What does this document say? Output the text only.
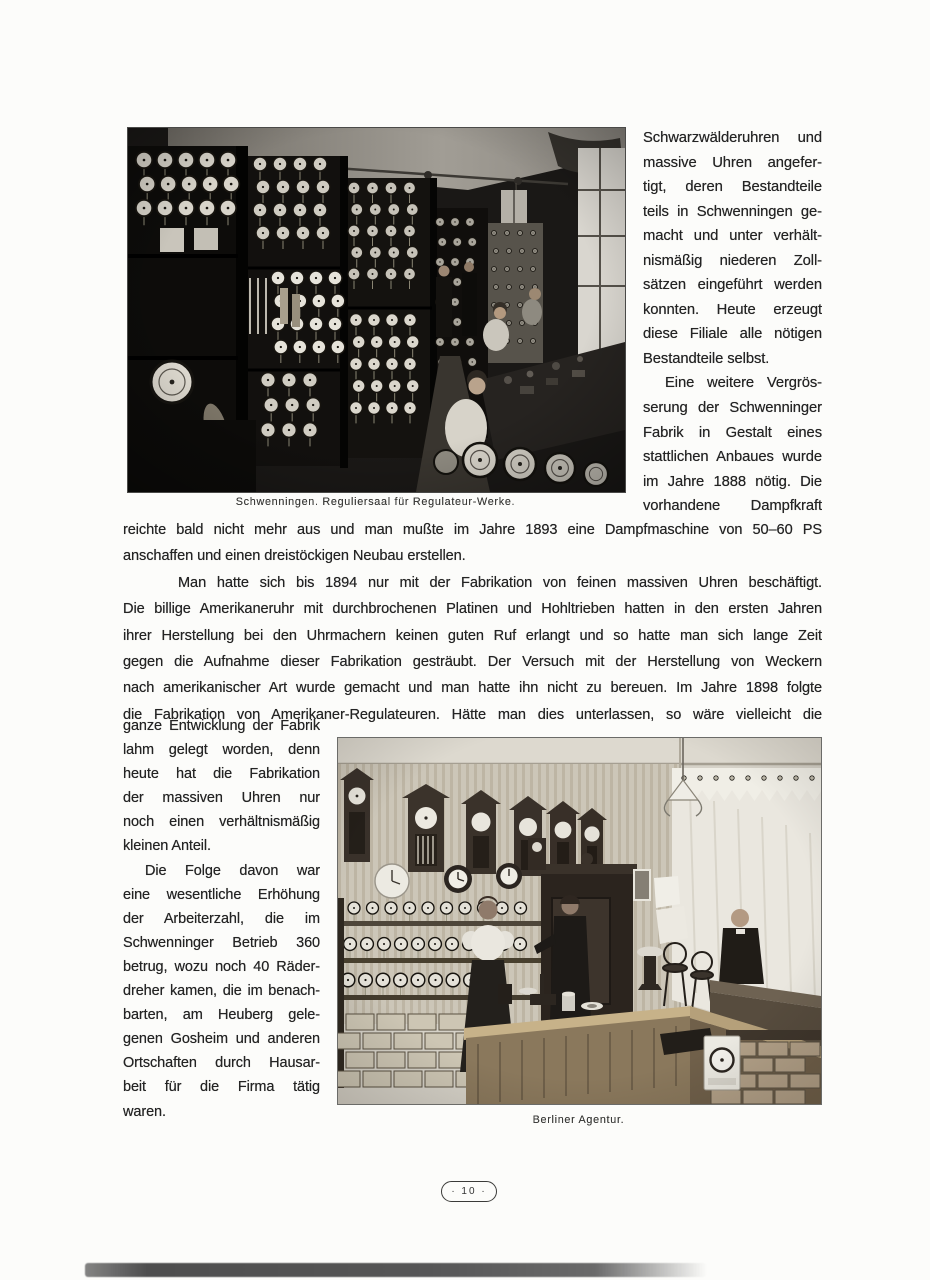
Schwenningen. Reguliersaal für Regulateur-Werke.
Schwarzwälderuhren und
massive Uhren angefer-
tigt, deren Bestandteile
teils in Schwenningen ge-
macht und unter verhält-
nismäßig niederen Zoll-
sätzen eingeführt werden
konnten. Heute erzeugt
diese Filiale alle nötigen
Bestandteile selbst.
Eine weitere Vergrös-
serung der Schwenninger
Fabrik in Gestalt eines
stattlichen Anbaues wurde
im Jahre 1888 nötig. Die
vorhandene Dampfkraft
reichte bald nicht mehr aus und man mußte im Jahre 1893 eine Dampfmaschine von 50–60 PS
anschaffen und einen dreistöckigen Neubau erstellen.
Man hatte sich bis 1894 nur mit der Fabrikation von feinen massiven Uhren beschäftigt.
Die billige Amerikaneruhr mit durchbrochenen Platinen und Hohltrieben hatten in den ersten Jahren
ihrer Herstellung bei den Uhrmachern keinen guten Ruf erlangt und so hatte man sich lange Zeit
gegen die Aufnahme dieser Fabrikation gesträubt. Der Versuch mit der Herstellung von Weckern
nach amerikanischer Art wurde gemacht und man hatte ihn nicht zu bereuen. Im Jahre 1898 folgte
die Fabrikation von Amerikaner-Regulateuren. Hätte man dies unterlassen, so wäre vielleicht die
ganze Entwicklung der Fabrik
lahm gelegt worden, denn
heute hat die Fabrikation
der massiven Uhren nur
noch einen verhältnismäßig
kleinen Anteil.
Die Folge davon war
eine wesentliche Erhöhung
der Arbeiterzahl, die im
Schwenninger Betrieb 360
betrug, wozu noch 40 Räder-
dreher kamen, die im benach-
barten, am Heuberg gele-
genen Gosheim und anderen
Ortschaften durch Hausar-
beit für die Firma tätig
waren.
Berliner Agentur.
· 10 ·
